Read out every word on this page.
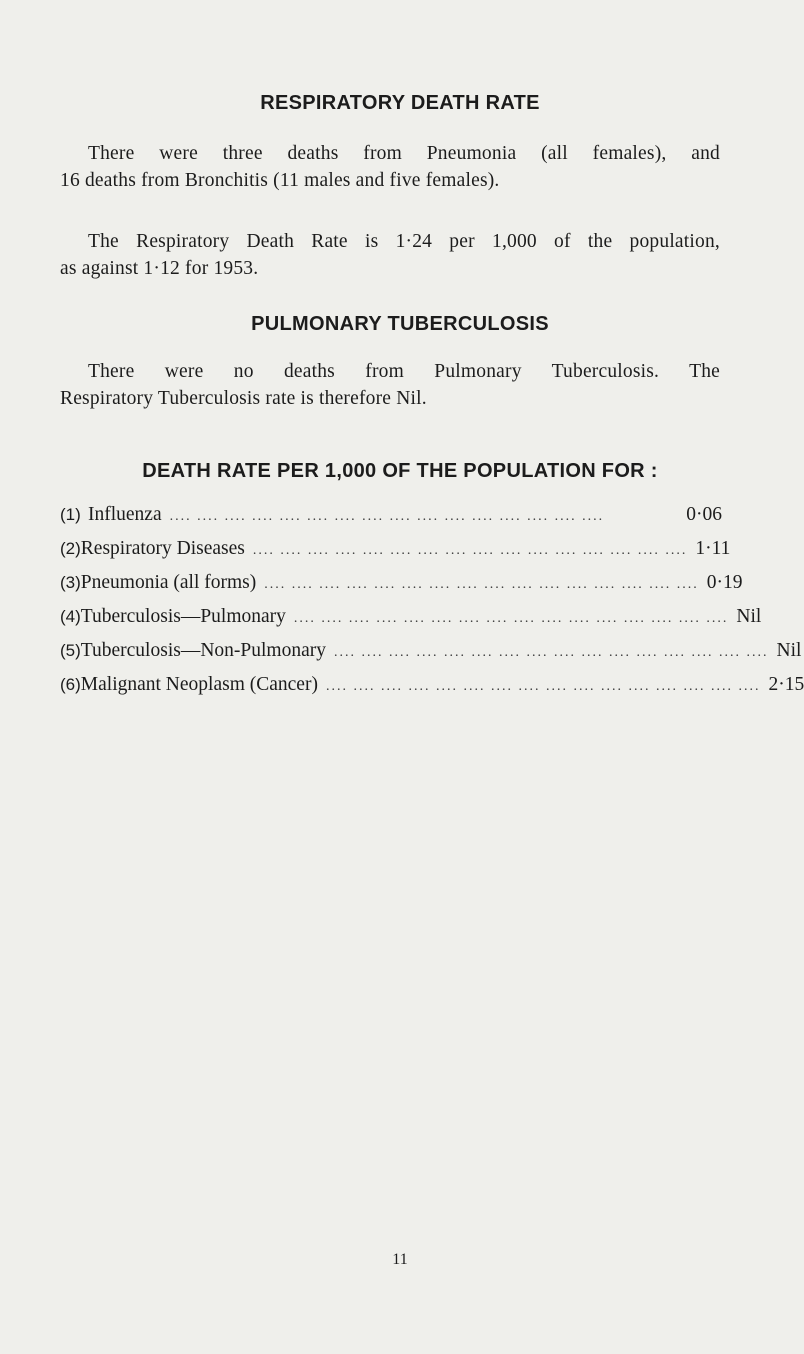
RESPIRATORY DEATH RATE
There were three deaths from Pneumonia (all females), and
16 deaths from Bronchitis (11 males and five females).
The Respiratory Death Rate is 1·24 per 1,000 of the population,
as against 1·12 for 1953.
PULMONARY TUBERCULOSIS
There were no deaths from Pulmonary Tuberculosis. The
Respiratory Tuberculosis rate is therefore Nil.
DEATH RATE PER 1,000 OF THE POPULATION FOR :
(1) Influenza .... .... .... .... .... .... .... .... .... .... .... .... .... .... .... ....	0·06
(2) Respiratory Diseases .... .... .... .... .... .... .... .... .... .... .... .... .... .... .... .... 1·11
(3) Pneumonia (all forms) .... .... .... .... .... .... .... .... .... .... .... .... .... .... .... .... 0·19
(4) Tuberculosis—Pulmonary .... .... .... .... .... .... .... .... .... .... .... .... .... .... .... .... Nil
(5) Tuberculosis—Non-Pulmonary .... .... .... .... .... .... .... .... .... .... .... .... .... .... .... .... Nil
(6) Malignant Neoplasm (Cancer) .... .... .... .... .... .... .... .... .... .... .... .... .... .... .... .... 2·15
11
